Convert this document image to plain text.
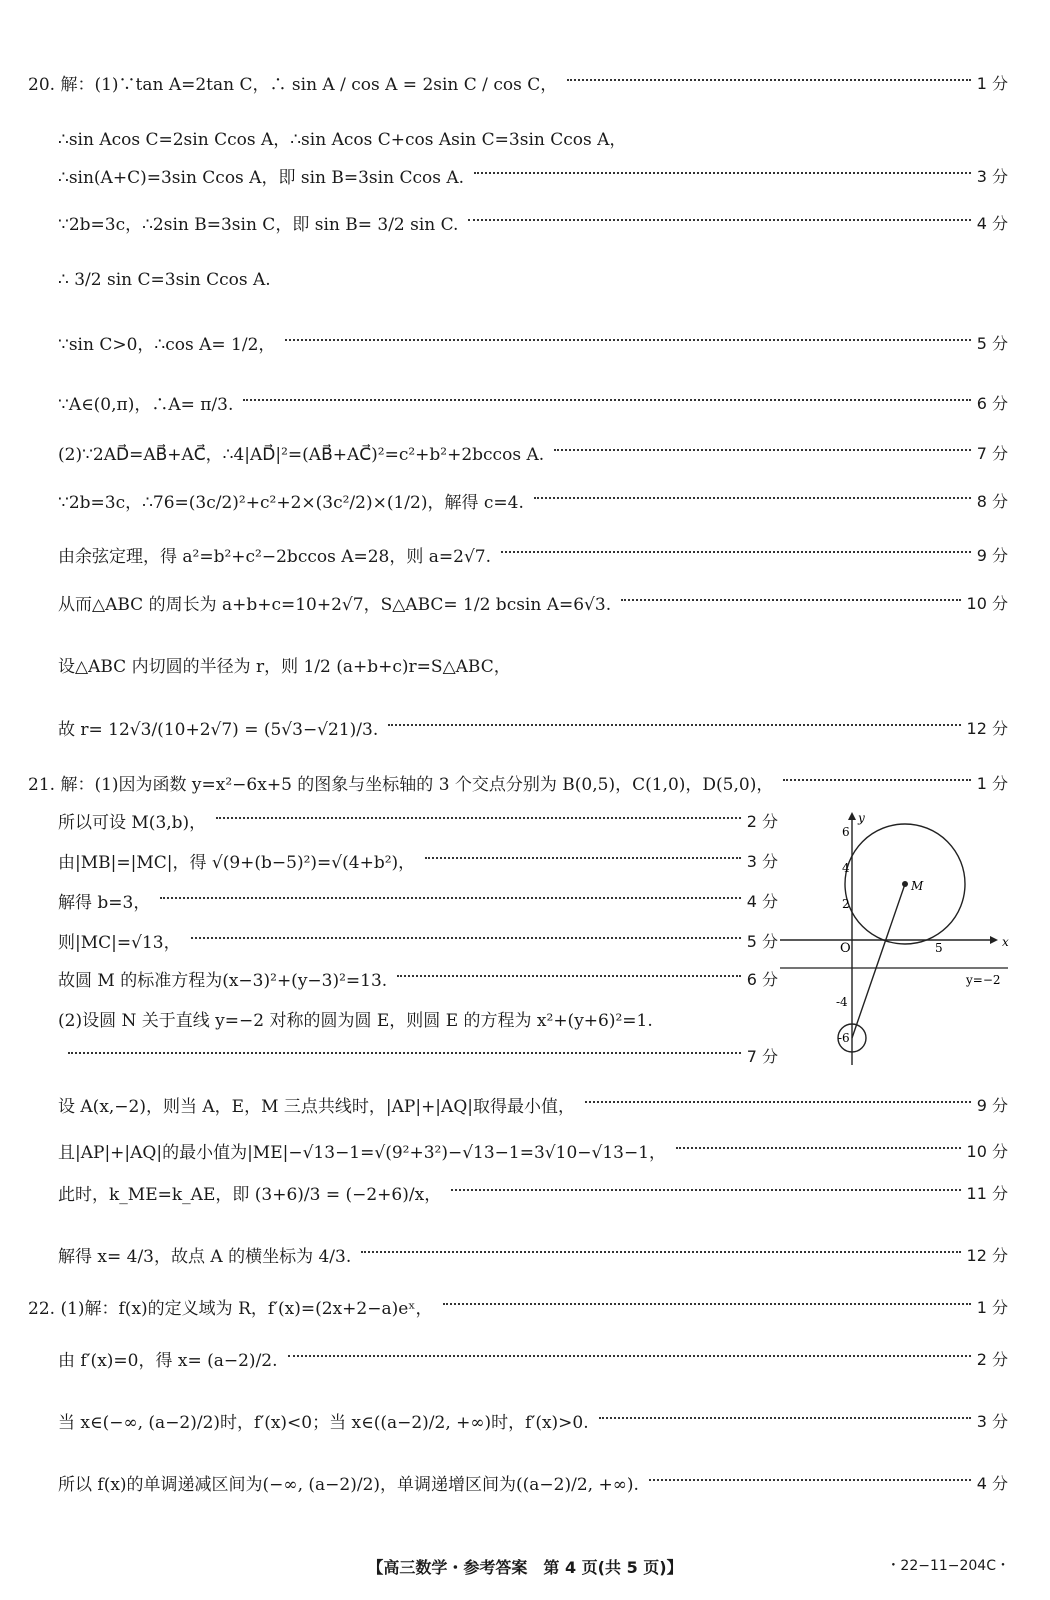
20. 解：(1)∵tan A=2tan C，∴ sin A / cos A = 2sin C / cos C，	1 分
∴sin Acos C=2sin Ccos A，∴sin Acos C+cos Asin C=3sin Ccos A，
∴sin(A+C)=3sin Ccos A，即 sin B=3sin Ccos A.	3 分
∵2b=3c，∴2sin B=3sin C，即 sin B= 3/2 sin C.	4 分
∴ 3/2 sin C=3sin Ccos A.
∵sin C>0，∴cos A= 1/2，	5 分
∵A∈(0,π)，∴A= π/3.	6 分
(2)∵2AD⃗=AB⃗+AC⃗，∴4|AD⃗|²=(AB⃗+AC⃗)²=c²+b²+2bccos A.	7 分
∵2b=3c，∴76=(3c/2)²+c²+2×(3c²/2)×(1/2)，解得 c=4.	8 分
由余弦定理，得 a²=b²+c²−2bccos A=28，则 a=2√7.	9 分
从而△ABC 的周长为 a+b+c=10+2√7，S△ABC= 1/2 bcsin A=6√3.	10 分
设△ABC 内切圆的半径为 r，则 1/2 (a+b+c)r=S△ABC，
故 r= 12√3/(10+2√7) = (5√3−√21)/3.	12 分
21. 解：(1)因为函数 y=x²−6x+5 的图象与坐标轴的 3 个交点分别为 B(0,5)，C(1,0)，D(5,0)，	1 分
所以可设 M(3,b)，	2 分
由|MB|=|MC|，得 √(9+(b−5)²)=√(4+b²)，	3 分
解得 b=3，	4 分
则|MC|=√13，	5 分
故圆 M 的标准方程为(x−3)²+(y−3)²=13.	6 分
(2)设圆 N 关于直线 y=−2 对称的圆为圆 E，则圆 E 的方程为 x²+(y+6)²=1.
7 分
设 A(x,−2)，则当 A，E，M 三点共线时，|AP|+|AQ|取得最小值，	9 分
且|AP|+|AQ|的最小值为|ME|−√13−1=√(9²+3²)−√13−1=3√10−√13−1，	10 分
此时，k_ME=k_AE，即 (3+6)/3 = (−2+6)/x，	11 分
解得 x= 4/3，故点 A 的横坐标为 4/3.	12 分
22. (1)解：f(x)的定义域为 R，f′(x)=(2x+2−a)eˣ，	1 分
由 f′(x)=0，得 x= (a−2)/2.	2 分
当 x∈(−∞, (a−2)/2)时，f′(x)<0；当 x∈((a−2)/2, +∞)时，f′(x)>0.	3 分
所以 f(x)的单调递减区间为(−∞, (a−2)/2)，单调递增区间为((a−2)/2, +∞).	4 分
x
y
O
M
6
4
2
5
-4
-6
y=−2
【高三数学・参考答案　第 4 页(共 5 页)】	・22−11−204C・
